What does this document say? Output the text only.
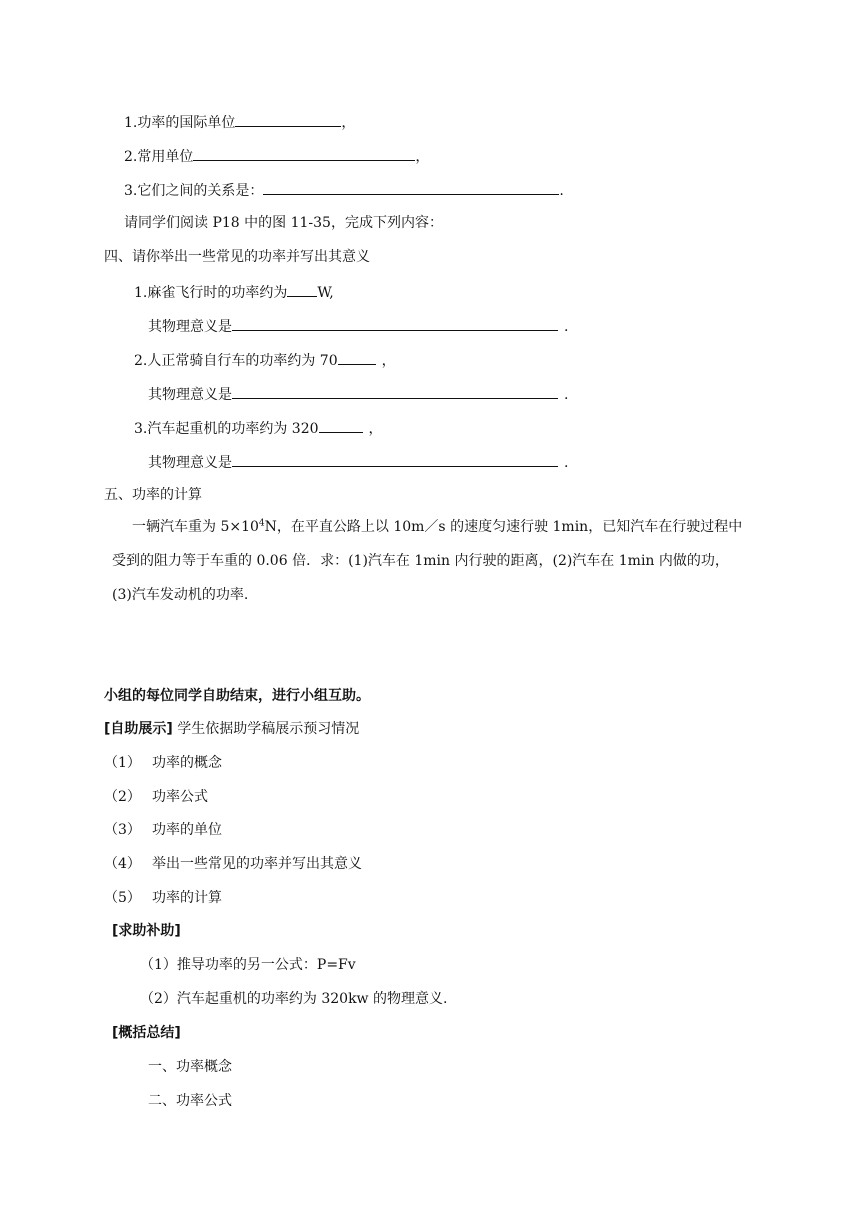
1.功率的国际单位	，
2.常用单位	，
3.它们之间的关系是：	.
请同学们阅读 P18 中的图 11-35，完成下列内容：
四、请你举出一些常见的功率并写出其意义
1.麻雀飞行时的功率约为 W,
其物理意义是	.
2.人正常骑自行车的功率约为 70	，
其物理意义是	.
3.汽车起重机的功率约为 320	，
其物理意义是	.
五、功率的计算
一辆汽车重为 $5\times 10^4N$，在平直公路上以 10m／s 的速度匀速行驶 1min，已知汽车在行驶过程中
受到的阻力等于车重的 0.06 倍．求：(1)汽车在 1min 内行驶的距离，(2)汽车在 1min 内做的功，
(3)汽车发动机的功率.
小组的每位同学自助结束，进行小组互助。
[自助展示] 学生依据助学稿展示预习情况
（1） 功率的概念
（2） 功率公式
（3） 功率的单位
（4） 举出一些常见的功率并写出其意义
（5） 功率的计算
[求助补助]
（1）推导功率的另一公式：P=Fv
（2）汽车起重机的功率约为 320kw 的物理意义.
[概括总结]
一、功率概念
二、功率公式
